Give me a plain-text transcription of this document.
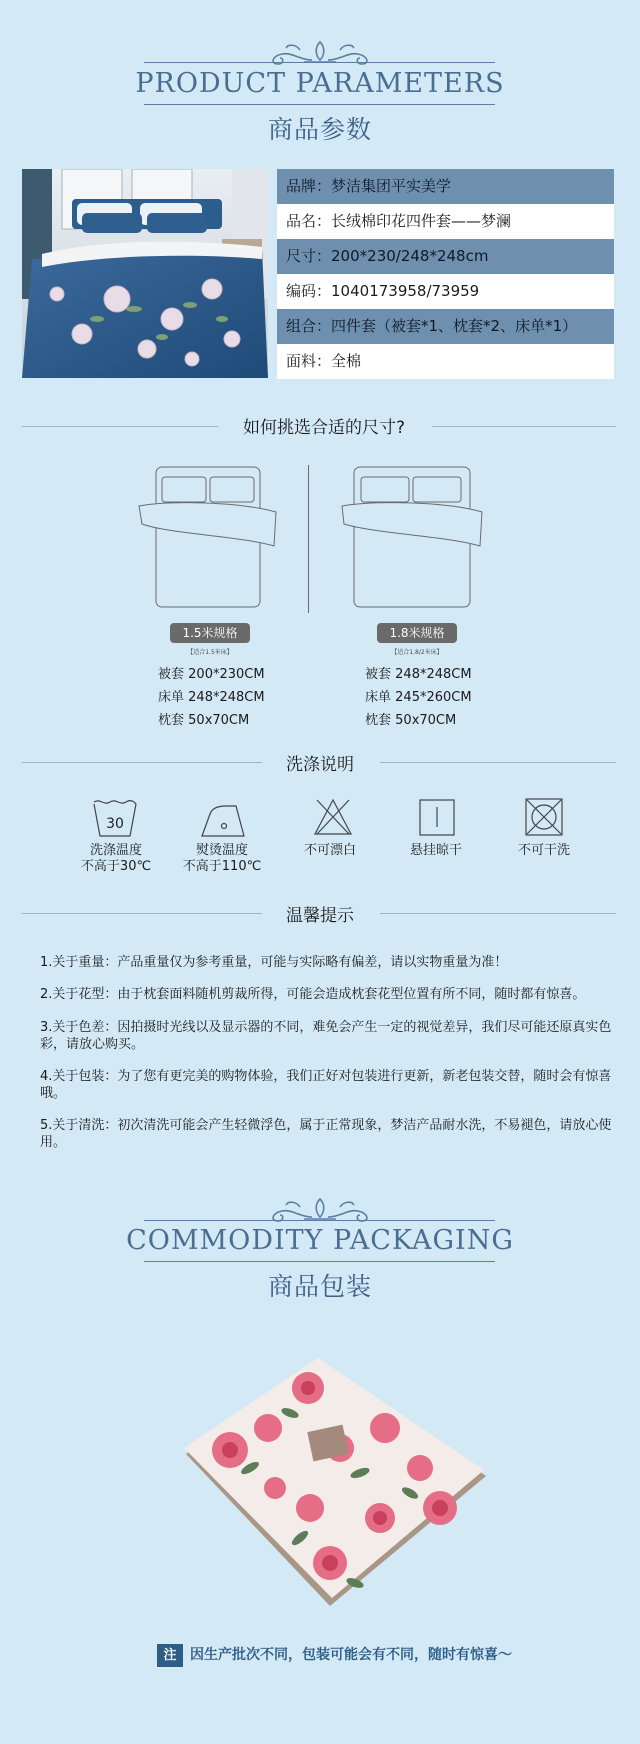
PRODUCT PARAMETERS
商品参数
品牌：梦洁集团平实美学
品名：长绒棉印花四件套——梦澜
尺寸：200*230/248*248cm
编码：1040173958/73959
组合：四件套（被套*1、枕套*2、床单*1）
面料：全棉
如何挑选合适的尺寸?
1.5米规格
【适合1.5米床】
1.8米规格
【适合1.8/2米床】
被套 200*230CM
床单 248*248CM
枕套 50x70CM
被套 248*248CM
床单 245*260CM
枕套 50x70CM
洗涤说明
30
洗涤温度
不高于30℃
熨烫温度
不高于110℃
不可漂白	悬挂晾干	不可干洗
温馨提示
1.关于重量：产品重量仅为参考重量，可能与实际略有偏差，请以实物重量为准！
2.关于花型：由于枕套面料随机剪裁所得，可能会造成枕套花型位置有所不同，随时都有惊喜。
3.关于色差：因拍摄时光线以及显示器的不同，难免会产生一定的视觉差异，我们尽可能还原真实色彩，请放心购买。
4.关于包装：为了您有更完美的购物体验，我们正好对包装进行更新，新老包装交替，随时会有惊喜哦。
5.关于清洗：初次清洗可能会产生轻微浮色，属于正常现象，梦洁产品耐水洗，不易褪色，请放心使用。
COMMODITY PACKAGING
商品包装
注 因生产批次不同，包装可能会有不同，随时有惊喜～
